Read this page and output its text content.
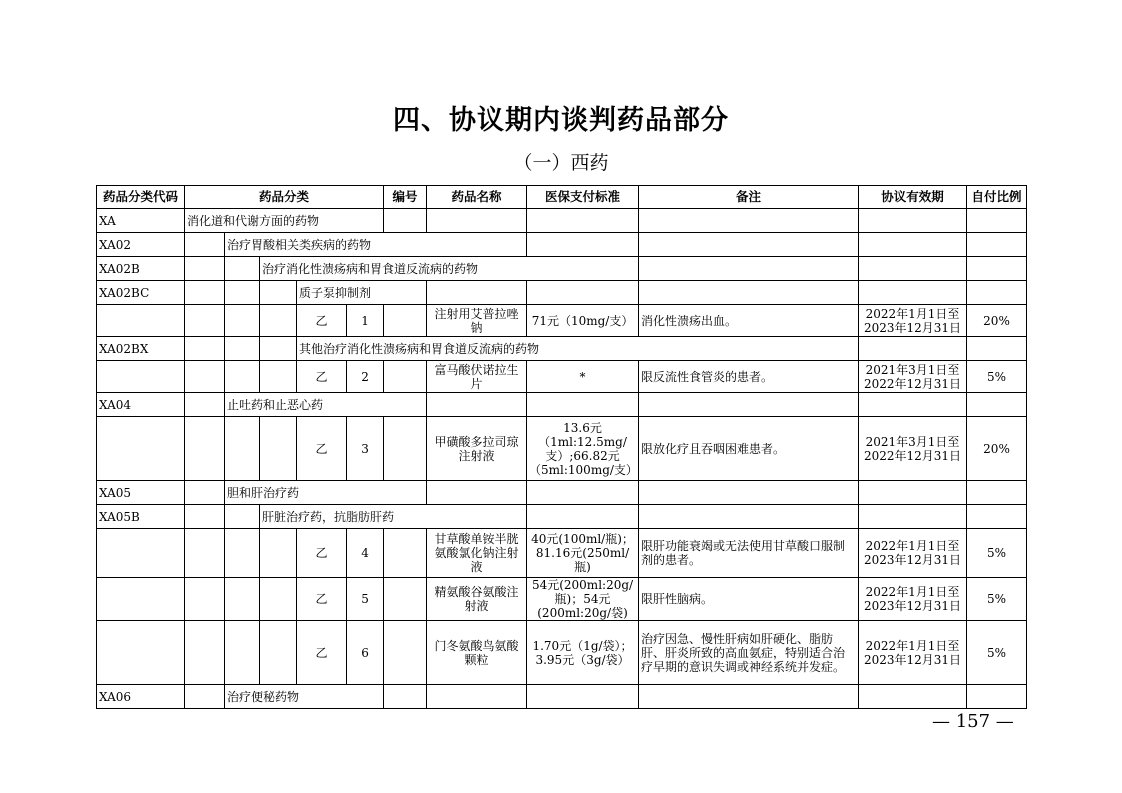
四、协议期内谈判药品部分
（一）西药
药品分类代码	药品分类					编号	药品名称	医保支付标准	备注	协议有效期	自付比例
XA	消化道和代谢方面的药物										
XA02		治疗胃酸相关类疾病的药物									
XA02B			治疗消化性溃疡病和胃食道反流病的药物								
XA02BC				质子泵抑制剂							
				乙	1		注射用艾普拉唑钠	71元（10mg/支）	消化性溃疡出血。	2022年1月1日至2023年12月31日	20%
XA02BX				其他治疗消化性溃疡病和胃食道反流病的药物							
				乙	2		富马酸伏诺拉生片	*	限反流性食管炎的患者。	2021年3月1日至2022年12月31日	5%
XA04		止吐药和止恶心药									
				乙	3		甲磺酸多拉司琼注射液	13.6元（1ml:12.5mg/支）;66.82元（5ml:100mg/支）	限放化疗且吞咽困难患者。	2021年3月1日至2022年12月31日	20%
XA05		胆和肝治疗药									
XA05B			肝脏治疗药，抗脂肪肝药								
				乙	4		甘草酸单铵半胱氨酸氯化钠注射液	40元(100ml/瓶)；81.16元(250ml/瓶)	限肝功能衰竭或无法使用甘草酸口服制剂的患者。	2022年1月1日至2023年12月31日	5%
				乙	5		精氨酸谷氨酸注射液	54元(200ml:20g/瓶)；54元(200ml:20g/袋)	限肝性脑病。	2022年1月1日至2023年12月31日	5%
				乙	6		门冬氨酸鸟氨酸颗粒	1.70元（1g/袋）；3.95元（3g/袋）	治疗因急、慢性肝病如肝硬化、脂肪肝、肝炎所致的高血氨症，特别适合治疗早期的意识失调或神经系统并发症。	2022年1月1日至2023年12月31日	5%
XA06		治疗便秘药物									
— 157 —
